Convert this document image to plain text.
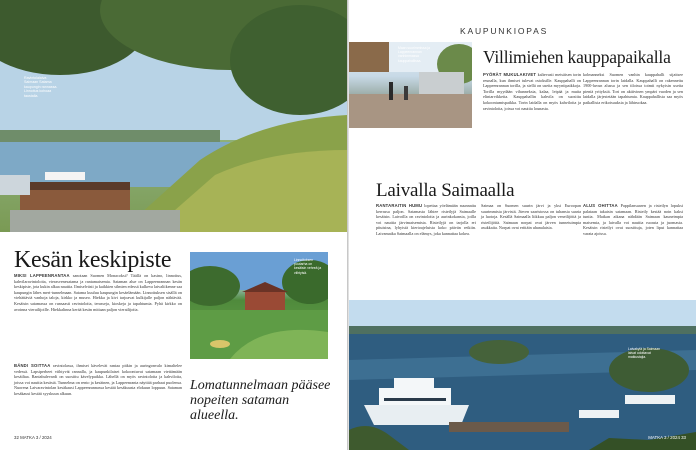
Ravintolalaiva Saimaan Satama kaupungin rannassa. Linnoitus kohoaa taustalla.
Kesän keskipiste
MIKSI LAPPEENRANTAA sanotaan Suomen Monacoksi? Täällä on kasino, linnoitus, kahvilaravintoloita, vierasvenesatama ja rantamaisemia. Sataman alue on Lappeenrannan kesän keskipiste, jota kukin alkaa nauttia. Ilmiselvästi ja kaikkien silmien edessä kulkeva laivaliikenne saa kaupungin lähes meri-tunnelmaan. Satama kuuluu kaupungin kesäelämään. Linnoituksen sisällä on viehättäviä vanhoja taloja, kirkko ja museo. Hiekka ja kivi tarjoavat kulkijalle paljon nähtävää. Kesäisin satamassa on runsaasti ravintoloita, terasseja, kioskeja ja tapahtumia. Pyhä kirkko on avoinna vierailijoille. Hiekkalinna kerää kesän mittaan paljon vierailijoita.
BÄNDI SOITTAA ravintolassa, ihmiset kävelevät rantaa pitkin ja auringonvalo kimaltelee vedessä. Lapsiperheet viihtyvät rannalla, ja kaupunkilaiset kokoontuvat satamaan viettämään kesäiltaa. Rantabulevardi on suosittu kävelypaikka. Lähellä on myös ravintoloita ja kahviloita, joissa voi nauttia kesästä. Tunnelma on rento ja kesäinen, ja Lappeenranta näyttää parhaat puolensa. Nuorena Laivaravintolan kesäkausi Lappeenrannassa kestää kesäkuusta elokuun loppuun. Sataman kesäkausi kestää syyskuun alkuun.
Linnoituksen puutarha on kesäisin vehreä ja viihtyisä.
Lomatunnelmaan pääsee nopeiten sataman alueella.
32 MATKA 3 / 2024
KAUPUNKIOPAS
Maan suurimmissa ja Lappeenrannan vanhimmassa kauppahallissa.	Villimiehen kauppapaikalla
PYÖRÄT MUKULAKIVET kaltevasti metsäisen torin reunalla, kun ihmiset tulevat ostoksille. Kauppahalli on Lappeenrannan torilla, ja siellä on useita myyntipaikkoja. Torilla myydään vihanneksia, kalaa, leipää ja muita elintarvikkeita. Kauppahallin kahvila on suosittu kokoontumispaikka. Torin laidalla on myös kahviloita ja ravintoloita, joissa voi nauttia lounasta.
kolmanneksi Suomen vanhin kauppahalli sijaitsee Lappeenrannan torin laidalla. Kauppahalli on rakennettu 1900-luvun alussa ja sen tiloissa toimii nykyisin useita pieniä yrityksiä. Tori on aktiivinen ympäri vuoden ja sen laidalla järjestetään tapahtumia. Kauppahallista saa myös paikallisia erikoisuuksia ja lähiruokaa.
Laivalla Saimaalla
RANTARAITIN HUMU lopettaa yöelämään suunnattu kerrassa paljon. Satamasta lähtee risteilyjä Saimaalle kesäisin. Laivoilla on ravintoloita ja aurinkokansia, joilla voi nauttia järvimaisemista. Risteilyjä on tarjolla eri pituisina, lyhyistä kiertoajeluista koko päivän retkiin. Laivamatka Saimaalla on elämys, joka kannattaa kokea.
Saimaa on Suomen suurin järvi ja yksi Euroopan suurimmista järvistä. Järven saaristossa on tuhansia saaria ja luotoja. Kesällä Saimaalla liikkuu paljon veneilijöitä ja risteilijöitä. Saimaan norpat ovat järven tunnetuimpia asukkaita. Norpat ovat erittäin uhanalaisia.
ALUS OHITTAA Pappilansaaren ja risteilyn lopuksi palataan takaisin satamaan. Risteily kestää noin kaksi tuntia. Matkan aikana nähdään Saimaan kauneimpia maisemia, ja laivalla voi nauttia ruoasta ja juomasta. Kesäisin risteilyt ovat suosittuja, joten liput kannattaa varata ajoissa.
Laivakylä ja Saimaan laivat odottavat matkustajia.
MATKA 3 / 2024 33
